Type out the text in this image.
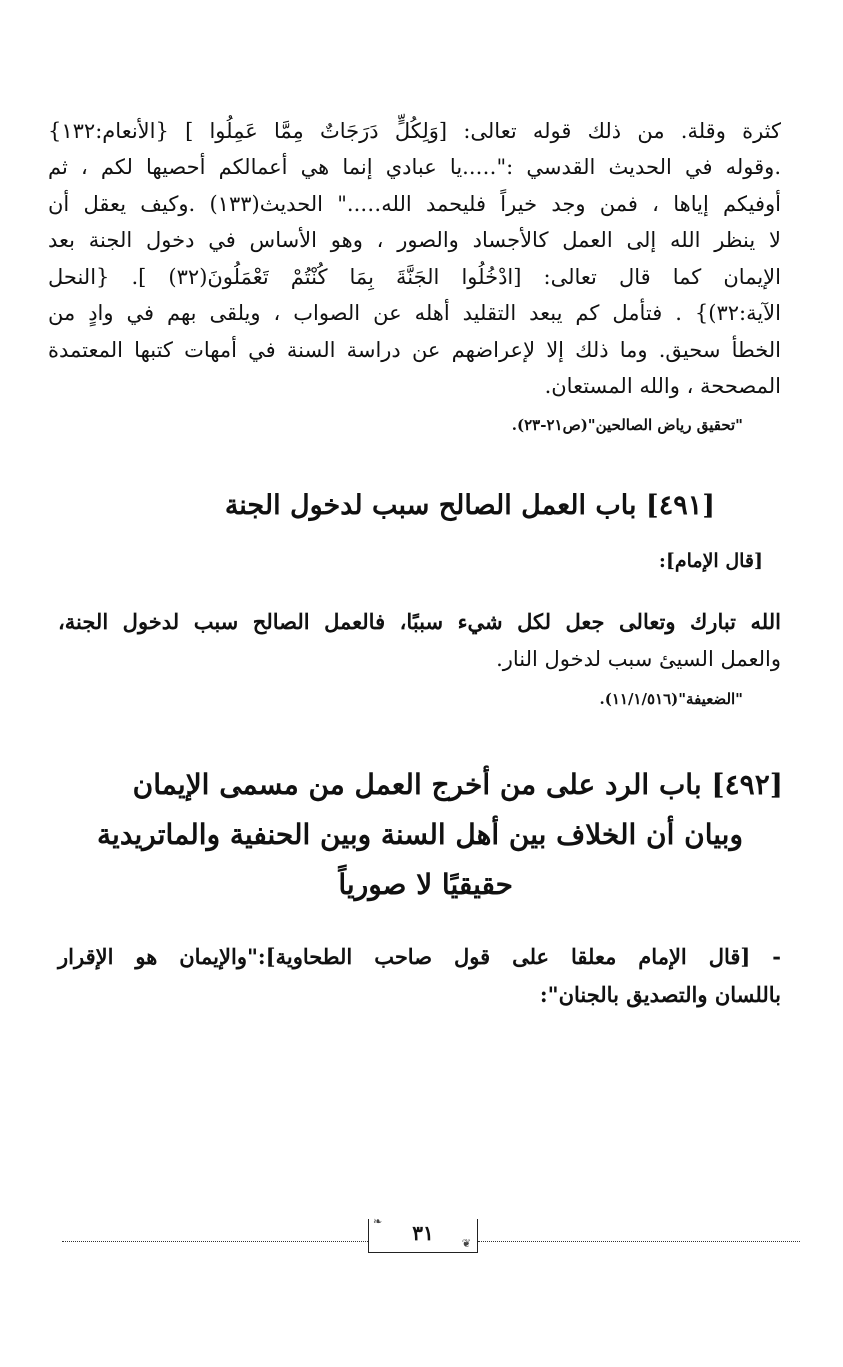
كثرة وقلة. من ذلك قوله تعالى: [وَلِكُلٍّ دَرَجَاتٌ مِمَّا عَمِلُوا ] {الأنعام:١٣٢}
.وقوله في الحديث القدسي :"…..يا عبادي إنما هي أعمالكم أحصيها لكم ، ثم
أوفيكم إياها ، فمن وجد خيراً فليحمد الله….." الحديث(١٣٣) .وكيف يعقل أن
لا ينظر الله إلى العمل كالأجساد والصور ، وهو الأساس في دخول الجنة بعد
الإيمان كما قال تعالى: [ادْخُلُوا الجَنَّةَ بِمَا كُنْتُمْ تَعْمَلُونَ(٣٢) ]. {النحل
الآية:٣٢)} . فتأمل كم يبعد التقليد أهله عن الصواب ، ويلقى بهم في وادٍ من
الخطأ سحيق. وما ذلك إلا لإعراضهم عن دراسة السنة في أمهات كتبها المعتمدة
المصححة ، والله المستعان.
"تحقيق رياض الصالحين"(ص٢١-٢٣).
[٤٩١] باب العمل الصالح سبب لدخول الجنة
[قال الإمام]:
الله تبارك وتعالى جعل لكل شيء سببًا، فالعمل الصالح سبب لدخول الجنة،
والعمل السيئ سبب لدخول النار.
"الضعيفة"(١١/١/٥١٦).
[٤٩٢] باب الرد على من أخرج العمل من مسمى الإيمان
وبيان أن الخلاف بين أهل السنة وبين الحنفية والماتريدية
حقيقيًا لا صورياً
- [قال الإمام معلقا على قول صاحب الطحاوية]:"والإيمان هو الإقرار
باللسان والتصديق بالجنان":
❧
❦
٣١
